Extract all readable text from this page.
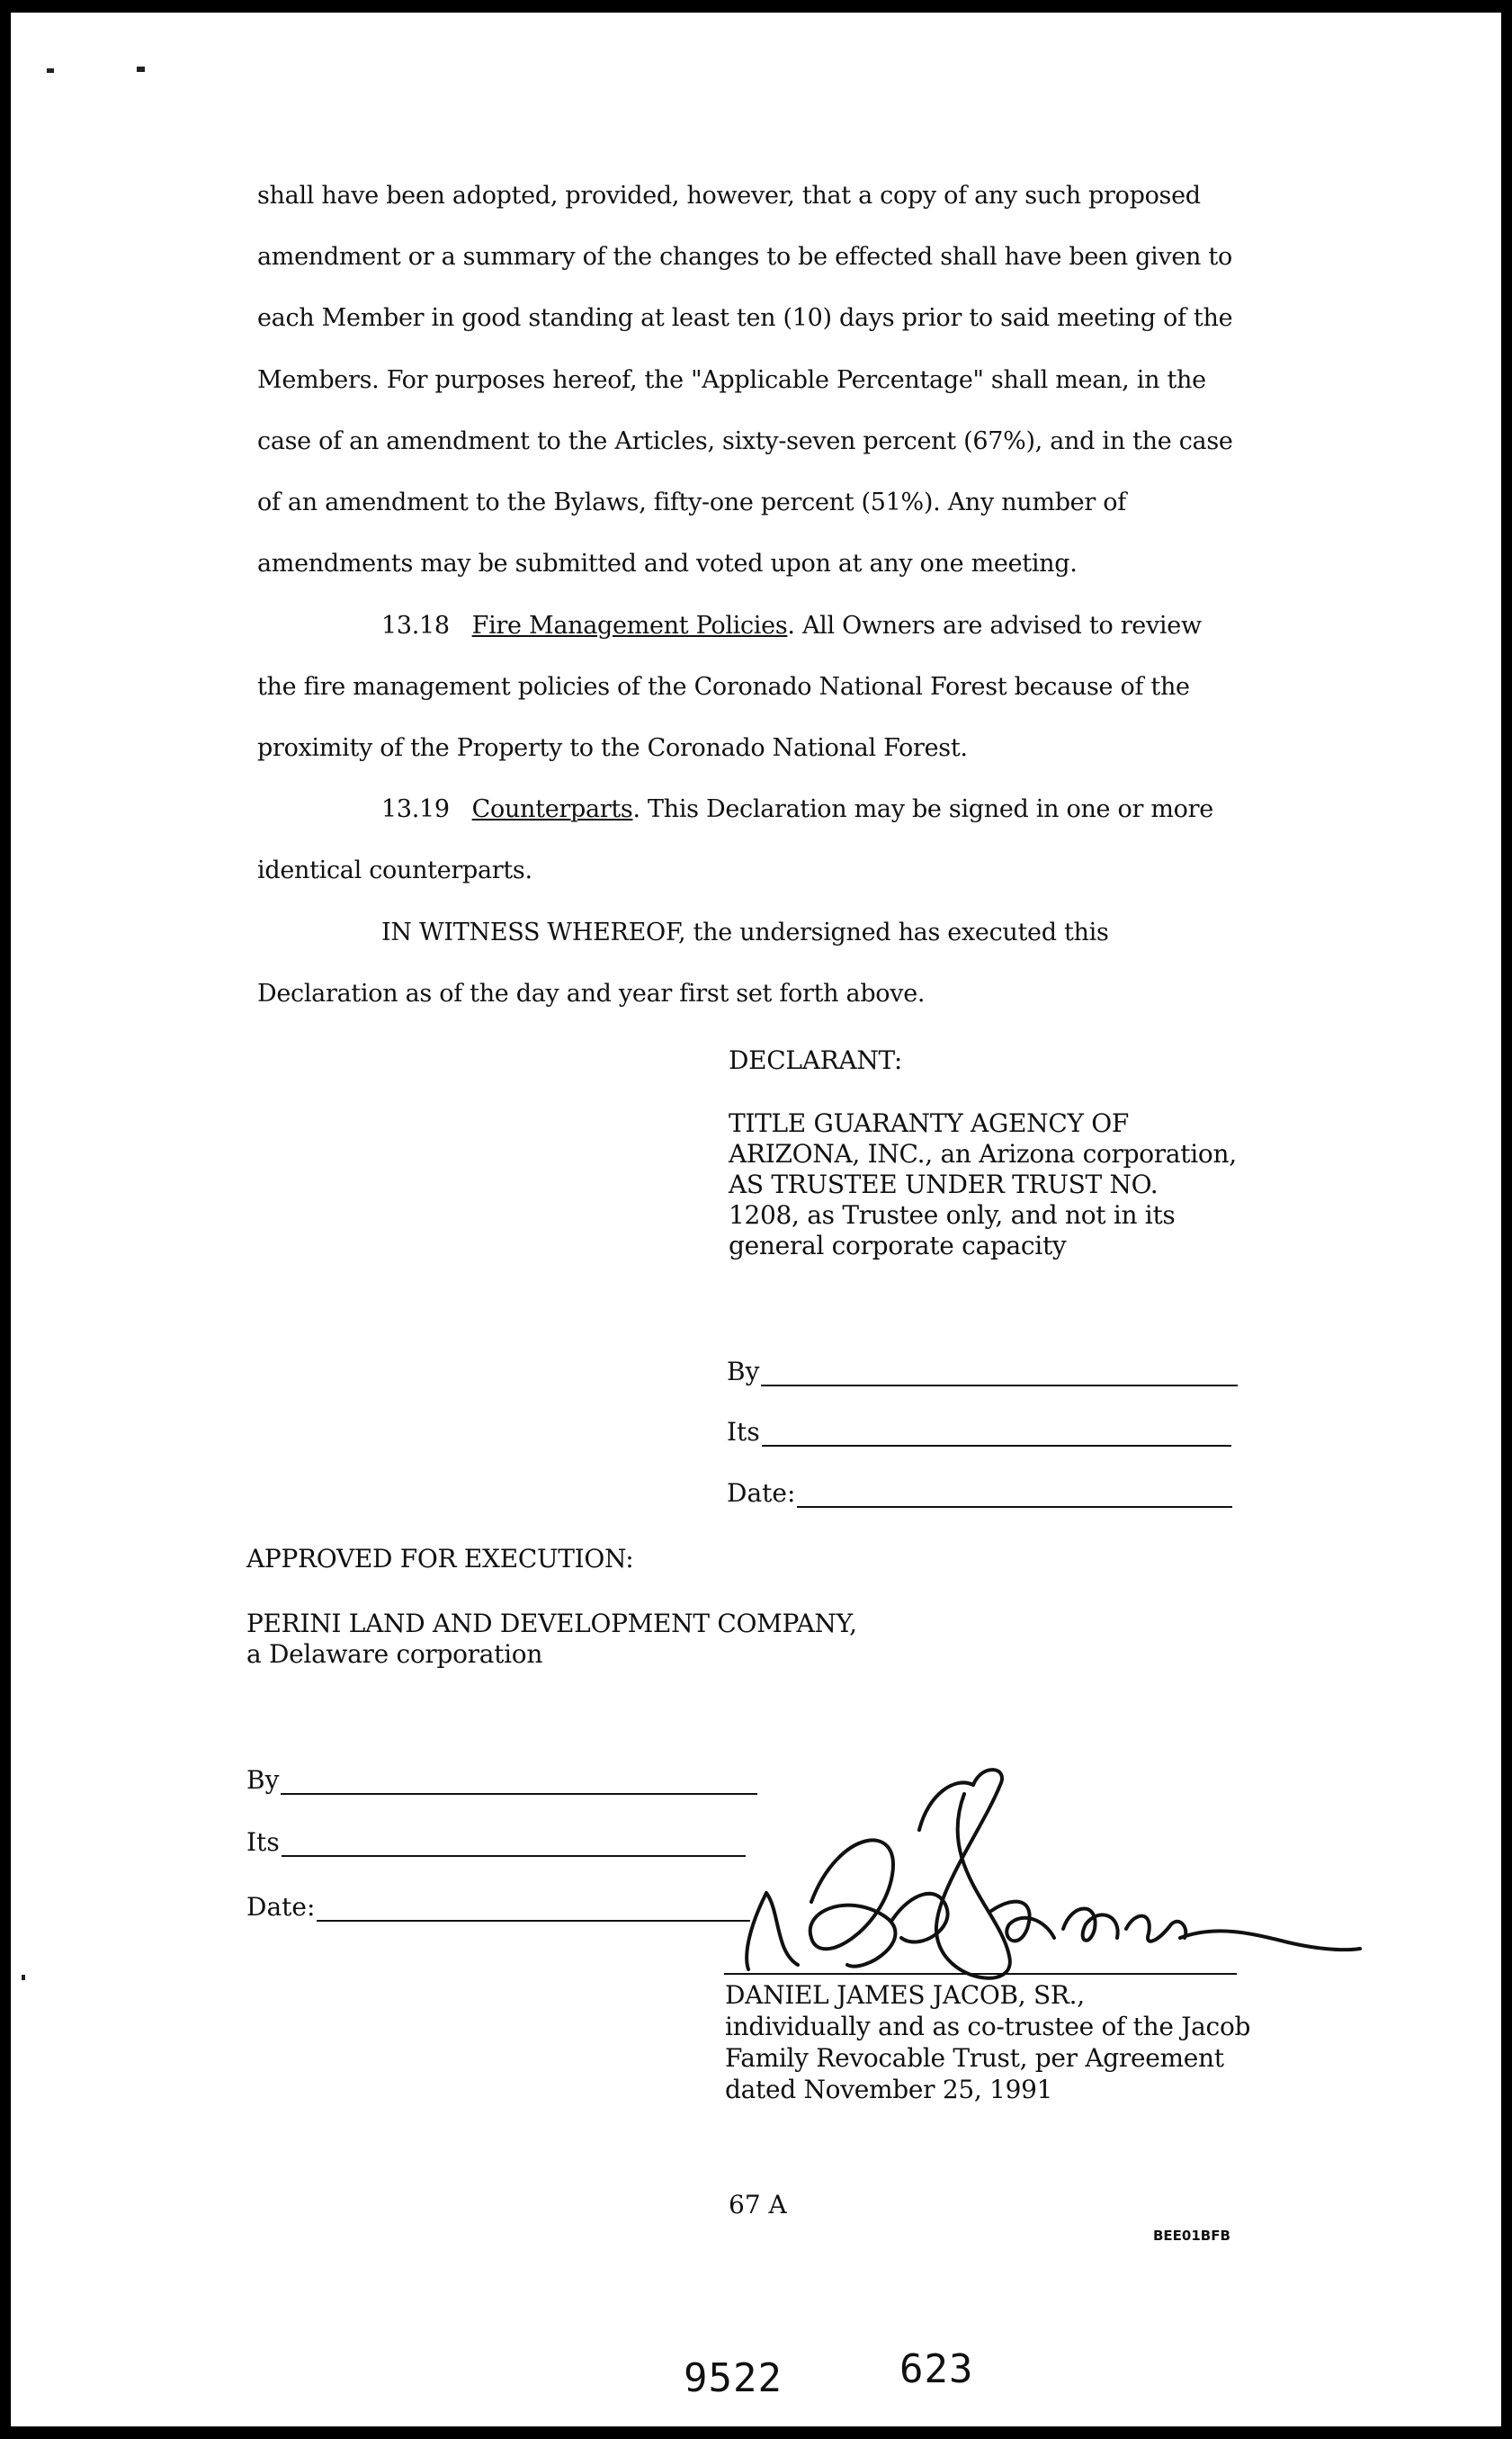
shall have been adopted, provided, however, that a copy of any such proposed
amendment or a summary of the changes to be effected shall have been given to
each Member in good standing at least ten (10) days prior to said meeting of the
Members. For purposes hereof, the "Applicable Percentage" shall mean, in the
case of an amendment to the Articles, sixty-seven percent (67%), and in the case
of an amendment to the Bylaws, fifty-one percent (51%). Any number of
amendments may be submitted and voted upon at any one meeting.
13.18 Fire Management Policies. All Owners are advised to review
the fire management policies of the Coronado National Forest because of the
proximity of the Property to the Coronado National Forest.
13.19 Counterparts. This Declaration may be signed in one or more
identical counterparts.
IN WITNESS WHEREOF, the undersigned has executed this
Declaration as of the day and year first set forth above.
DECLARANT:
TITLE GUARANTY AGENCY OF
ARIZONA, INC., an Arizona corporation,
AS TRUSTEE UNDER TRUST NO.
1208, as Trustee only, and not in its
general corporate capacity
By
Its
Date:
APPROVED FOR EXECUTION:
PERINI LAND AND DEVELOPMENT COMPANY,
a Delaware corporation
By
Its
Date:
DANIEL JAMES JACOB, SR.,
individually and as co-trustee of the Jacob
Family Revocable Trust, per Agreement
dated November 25, 1991
67 A
BEE01BFB
9522	623
